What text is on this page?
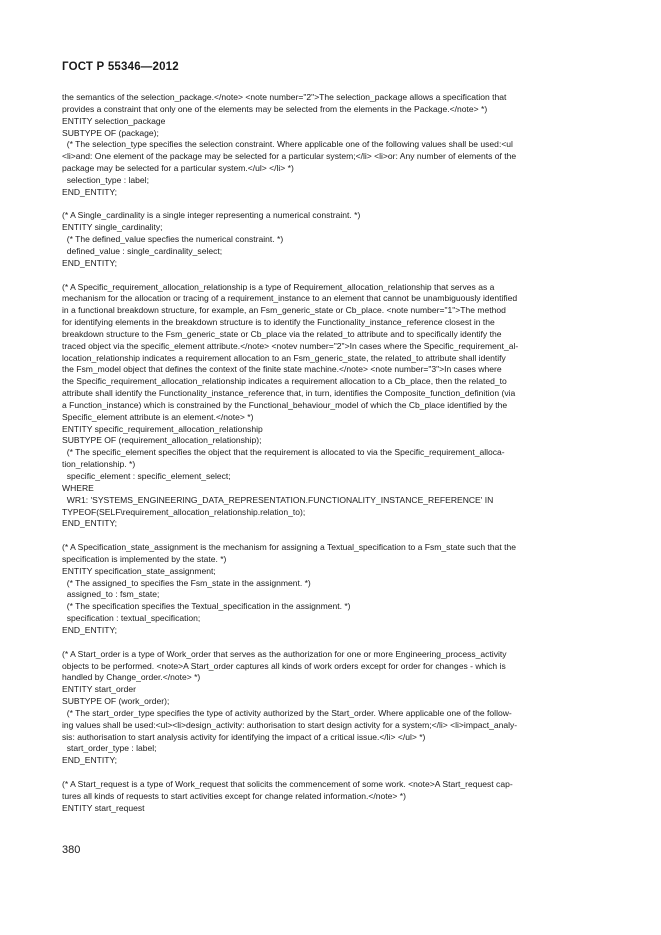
ГОСТ Р 55346—2012
the semantics of the selection_package.</note> <note number="2">The selection_package allows a specification that
provides a constraint that only one of the elements may be selected from the elements in the Package.</note> *)
ENTITY selection_package
SUBTYPE OF (package);
(* The selection_type specifies the selection constraint. Where applicable one of the following values shall be used:<ul
<li>and: One element of the package may be selected for a particular system;</li> <li>or: Any number of elements of the
package may be selected for a particular system.</ul> </li> *)
selection_type : label;
END_ENTITY;
(* A Single_cardinality is a single integer representing a numerical constraint. *)
ENTITY single_cardinality;
(* The defined_value specfies the numerical constraint. *)
defined_value : single_cardinality_select;
END_ENTITY;
(* A Specific_requirement_allocation_relationship is a type of Requirement_allocation_relationship that serves as a
mechanism for the allocation or tracing of a requirement_instance to an element that cannot be unambiguously identified
in a functional breakdown structure, for example, an Fsm_generic_state or Cb_place. <note number="1">The method
for identifying elements in the breakdown structure is to identify the Functionality_instance_reference closest in the
breakdown structure to the Fsm_generic_state or Cb_place via the related_to attribute and to specifically identify the
traced object via the specific_element attribute.</note> <notev number="2">In cases where the Specific_requirement_al-
location_relationship indicates a requirement allocation to an Fsm_generic_state, the related_to attribute shall identify
the Fsm_model object that defines the context of the finite state machine.</note> <note number="3">In cases where
the Specific_requirement_allocation_relationship indicates a requirement allocation to a Cb_place, then the related_to
attribute shall identify the Functionality_instance_reference that, in turn, identifies the Composite_function_definition (via
a Function_instance) which is constrained by the Functional_behaviour_model of which the Cb_place identified by the
Specific_element attribute is an element.</note> *)
ENTITY specific_requirement_allocation_relationship
SUBTYPE OF (requirement_allocation_relationship);
(* The specific_element specifies the object that the requirement is allocated to via the Specific_requirement_alloca-
tion_relationship. *)
specific_element : specific_element_select;
WHERE
WR1: 'SYSTEMS_ENGINEERING_DATA_REPRESENTATION.FUNCTIONALITY_INSTANCE_REFERENCE' IN
TYPEOF(SELF\requirement_allocation_relationship.relation_to);
END_ENTITY;
(* A Specification_state_assignment is the mechanism for assigning a Textual_specification to a Fsm_state such that the
specification is implemented by the state. *)
ENTITY specification_state_assignment;
(* The assigned_to specifies the Fsm_state in the assignment. *)
assigned_to : fsm_state;
(* The specification specifies the Textual_specification in the assignment. *)
specification : textual_specification;
END_ENTITY;
(* A Start_order is a type of Work_order that serves as the authorization for one or more Engineering_process_activity
objects to be performed. <note>A Start_order captures all kinds of work orders except for order for changes - which is
handled by Change_order.</note> *)
ENTITY start_order
SUBTYPE OF (work_order);
(* The start_order_type specifies the type of activity authorized by the Start_order. Where applicable one of the follow-
ing values shall be used:<ul><li>design_activity: authorisation to start design activity for a system;</li> <li>impact_analy-
sis: authorisation to start analysis activity for identifying the impact of a critical issue.</li> </ul> *)
start_order_type : label;
END_ENTITY;
(* A Start_request is a type of Work_request that solicits the commencement of some work. <note>A Start_request cap-
tures all kinds of requests to start activities except for change related information.</note> *)
ENTITY start_request
380
